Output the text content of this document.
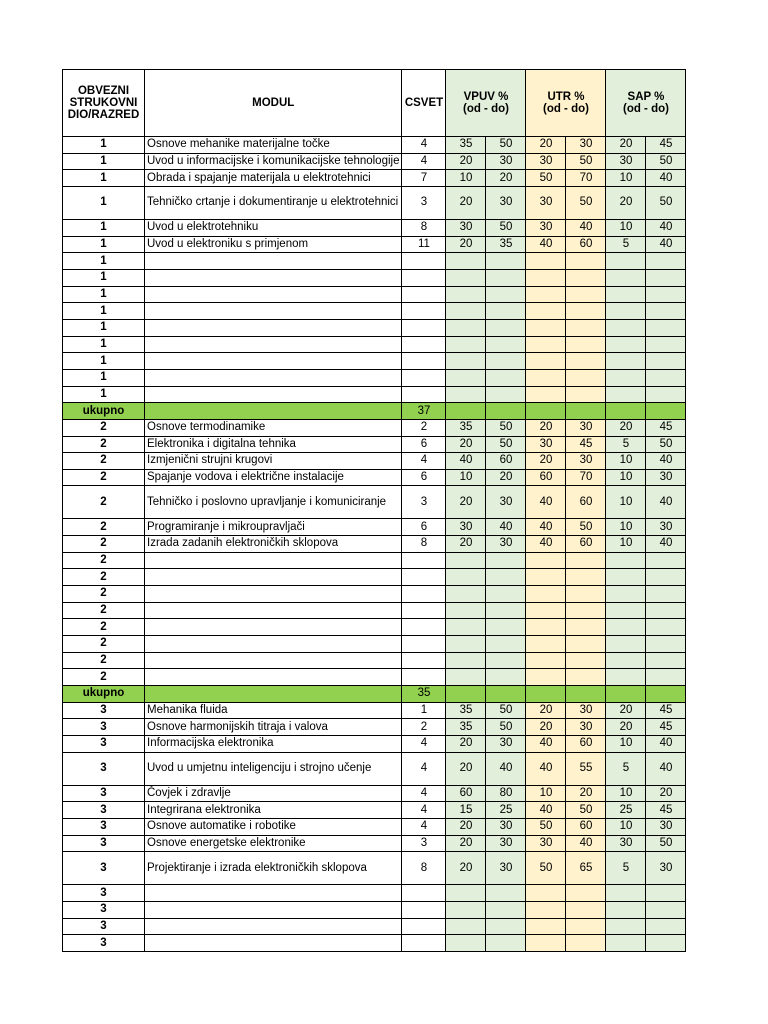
OBVEZNI STRUKOVNI DIO/RAZRED	MODUL	CSVET	VPUV % (od - do)		UTR % (od - do)		SAP % (od - do)	
1	Osnove mehanike materijalne točke	4	35	50	20	30	20	45
1	Uvod u informacijske i komunikacijske tehnologije	4	20	30	30	50	30	50
1	Obrada i spajanje materijala u elektrotehnici	7	10	20	50	70	10	40
1	Tehničko crtanje i dokumentiranje u elektrotehnici	3	20	30	30	50	20	50
1	Uvod u elektrotehniku	8	30	50	30	40	10	40
1	Uvod u elektroniku s primjenom	11	20	35	40	60	5	40
1								
1								
1								
1								
1								
1								
1								
1								
1								
ukupno		37						
2	Osnove termodinamike	2	35	50	20	30	20	45
2	Elektronika i digitalna tehnika	6	20	50	30	45	5	50
2	Izmjenični strujni krugovi	4	40	60	20	30	10	40
2	Spajanje vodova i električne instalacije	6	10	20	60	70	10	30
2	Tehničko i poslovno upravljanje i komuniciranje	3	20	30	40	60	10	40
2	Programiranje i mikroupravljači	6	30	40	40	50	10	30
2	Izrada zadanih elektroničkih sklopova	8	20	30	40	60	10	40
2								
2								
2								
2								
2								
2								
2								
2								
ukupno		35						
3	Mehanika fluida	1	35	50	20	30	20	45
3	Osnove harmonijskih titraja i valova	2	35	50	20	30	20	45
3	Informacijska elektronika	4	20	30	40	60	10	40
3	Uvod u umjetnu inteligenciju i strojno učenje	4	20	40	40	55	5	40
3	Čovjek i zdravlje	4	60	80	10	20	10	20
3	Integrirana elektronika	4	15	25	40	50	25	45
3	Osnove automatike i robotike	4	20	30	50	60	10	30
3	Osnove energetske elektronike	3	20	30	30	40	30	50
3	Projektiranje i izrada elektroničkih sklopova	8	20	30	50	65	5	30
3								
3								
3								
3								
